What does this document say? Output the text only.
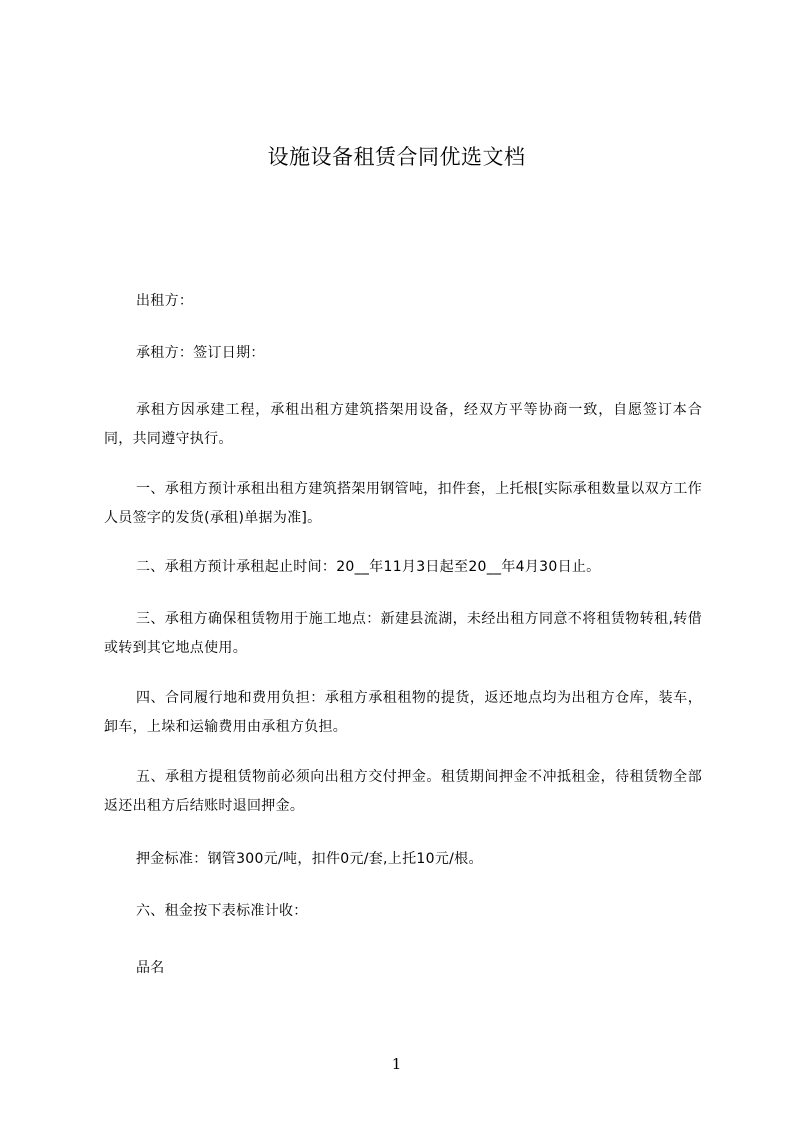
设施设备租赁合同优选文档

出租方：

承租方：签订日期：

承租方因承建工程，承租出租方建筑搭架用设备，经双方平等协商一致，自愿签订本合同，共同遵守执行。

一、承租方预计承租出租方建筑搭架用钢管吨，扣件套，上托根[实际承租数量以双方工作人员签字的发货(承租)单据为准]。

二、承租方预计承租起止时间：20__年11月3日起至20__年4月30日止。

三、承租方确保租赁物用于施工地点：新建县流湖，未经出租方同意不将租赁物转租,转借或转到其它地点使用。

四、合同履行地和费用负担：承租方承租租物的提货，返还地点均为出租方仓库，装车，卸车，上垛和运输费用由承租方负担。

五、承租方提租赁物前必须向出租方交付押金。租赁期间押金不冲抵租金，待租赁物全部返还出租方后结账时退回押金。

押金标准：钢管300元/吨，扣件0元/套,上托10元/根。

六、租金按下表标准计收：

品名

1
